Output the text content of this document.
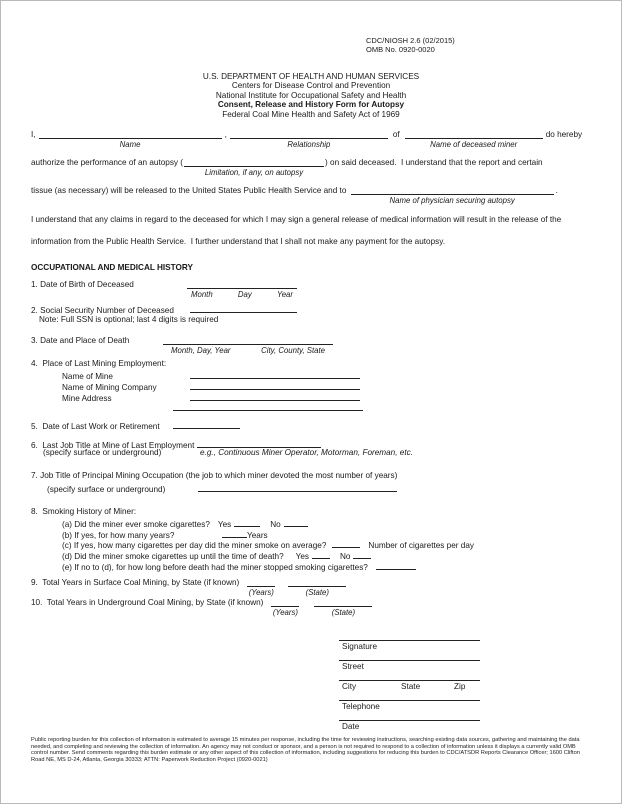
CDC/NIOSH 2.6 (02/2015)
OMB No. 0920-0020
U.S. DEPARTMENT OF HEALTH AND HUMAN SERVICES
Centers for Disease Control and Prevention
National Institute for Occupational Safety and Health
Consent, Release and History Form for Autopsy
Federal Coal Mine Health and Safety Act of 1969
I,
Name
,
Relationship
of
Name of deceased miner
do hereby
authorize the performance of an autopsy (
Limitation, if any, on autopsy
) on said deceased.  I understand that the report and certain
tissue (as necessary) will be released to the United States Public Health Service and to
Name of physician securing autopsy
.
I understand that any claims in regard to the deceased for which I may sign a general release of medical information will result in the release of the
information from the Public Health Service.  I further understand that I shall not make any payment for the autopsy.
OCCUPATIONAL AND MEDICAL HISTORY
1. Date of Birth of Deceased
Month	Day	Year
2. Social Security Number of Deceased
Note: Full SSN is optional; last 4 digits is required
3. Date and Place of Death
Month, Day, Year	City, County, State
4.  Place of Last Mining Employment:
Name of Mine
Name of Mining Company
Mine Address
5.  Date of Last Work or Retirement
6.  Last Job Title at Mine of Last Employment
(specify surface or underground)	e.g., Continuous Miner Operator, Motorman, Foreman, etc.
7. Job Title of Principal Mining Occupation (the job to which miner devoted the most number of years)
(specify surface or underground)
8.  Smoking History of Miner:
(a) Did the miner ever smoke cigarettes? Yes	No
(b) If yes, for how many years?	Years
(c) If yes, how many cigarettes per day did the miner smoke on average?	Number of cigarettes per day
(d) Did the miner smoke cigarettes up until the time of death? Yes	No
(e) If no to (d), for how long before death had the miner stopped smoking cigarettes?
9.  Total Years in Surface Coal Mining, by State (if known)
(Years)	(State)
10.  Total Years in Underground Coal Mining, by State (if known)
(Years)	(State)
Signature
Street
City	State	Zip
Telephone
Date
Public reporting burden for this collection of information is estimated to average 15 minutes per response, including the time for reviewing instructions, searching existing data sources, gathering and maintaining the data
needed, and completing and reviewing the collection of information. An agency may not conduct or sponsor, and a person is not required to respond to a collection of information unless it displays a currently valid OMB
control number. Send comments regarding this burden estimate or any other aspect of this collection of information, including suggestions for reducing this burden to CDC/ATSDR Reports Clearance Officer; 1600 Clifton
Road NE, MS D-24, Atlanta, Georgia 30333; ATTN: Paperwork Reduction Project (0920-0021)
